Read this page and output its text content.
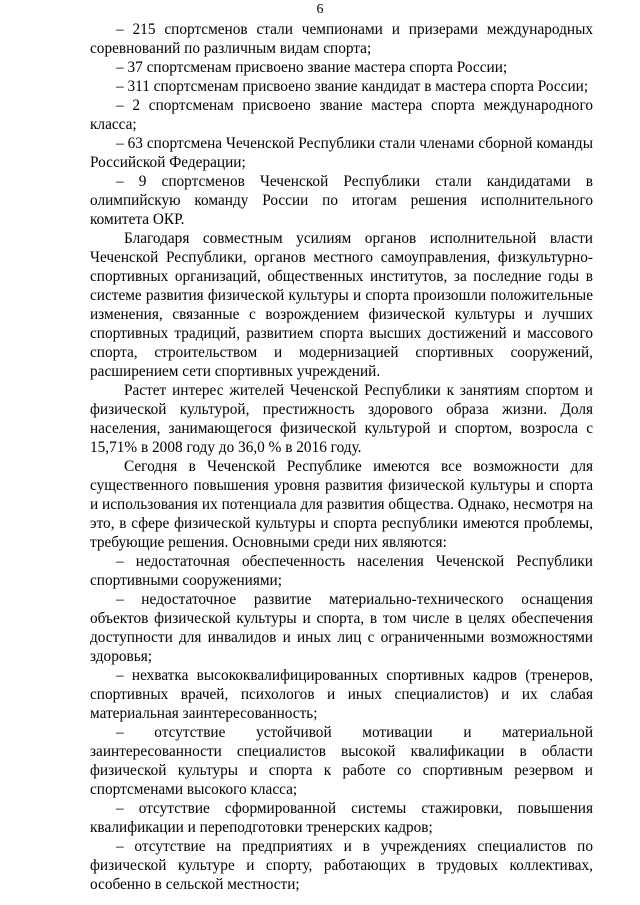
6

– 215 спортсменов стали чемпионами и призерами международных соревнований по различным видам спорта;

– 37 спортсменам присвоено звание мастера спорта России;

– 311 спортсменам присвоено звание кандидат в мастера спорта России;

– 2 спортсменам присвоено звание мастера спорта международного класса;

– 63 спортсмена Чеченской Республики стали членами сборной команды Российской Федерации;

– 9 спортсменов Чеченской Республики стали кандидатами в олимпийскую команду России по итогам решения исполнительного комитета ОКР.

Благодаря совместным усилиям органов исполнительной власти Чеченской Республики, органов местного самоуправления, физкультурно-спортивных организаций, общественных институтов, за последние годы в системе развития физической культуры и спорта произошли положительные изменения, связанные с возрождением физической культуры и лучших спортивных традиций, развитием спорта высших достижений и массового спорта, строительством и модернизацией спортивных сооружений, расширением сети спортивных учреждений.

Растет интерес жителей Чеченской Республики к занятиям спортом и физической культурой, престижность здорового образа жизни. Доля населения, занимающегося физической культурой и спортом, возросла с 15,71% в 2008 году до 36,0 % в 2016 году.

Сегодня в Чеченской Республике имеются все возможности для существенного повышения уровня развития физической культуры и спорта и использования их потенциала для развития общества. Однако, несмотря на это, в сфере физической культуры и спорта республики имеются проблемы, требующие решения. Основными среди них являются:

– недостаточная обеспеченность населения Чеченской Республики спортивными сооружениями;

– недостаточное развитие материально-технического оснащения объектов физической культуры и спорта, в том числе в целях обеспечения доступности для инвалидов и иных лиц с ограниченными возможностями здоровья;

– нехватка высококвалифицированных спортивных кадров (тренеров, спортивных врачей, психологов и иных специалистов) и их слабая материальная заинтересованность;

– отсутствие устойчивой мотивации и материальной заинтересованности специалистов высокой квалификации в области физической культуры и спорта к работе со спортивным резервом и спортсменами высокого класса;

– отсутствие сформированной системы стажировки, повышения квалификации и переподготовки тренерских кадров;

– отсутствие на предприятиях и в учреждениях специалистов по физической культуре и спорту, работающих в трудовых коллективах, особенно в сельской местности;
